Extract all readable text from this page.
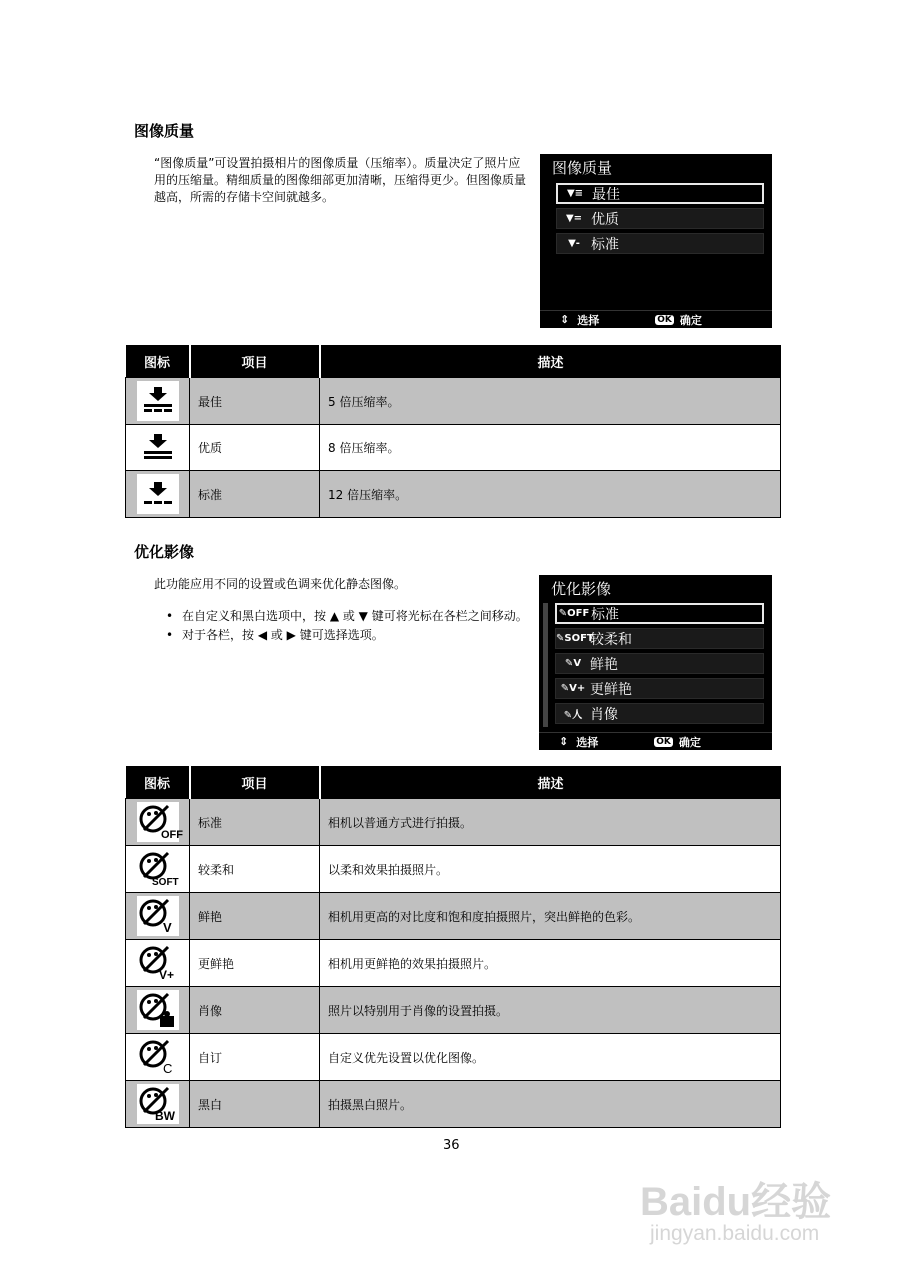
图像质量
“图像质量”可设置拍摄相片的图像质量（压缩率）。质量决定了照片应用的压缩量。精细质量的图像细部更加清晰，压缩得更少。但图像质量越高，所需的存储卡空间就越多。
图像质量
▼≡ 最佳
▼= 优质
▼- 标准
⇕ 选择	OK 确定
图标	项目	描述

	最佳	5 倍压缩率。

	优质	8 倍压缩率。

	标准	12 倍压缩率。
优化影像
此功能应用不同的设置或色调来优化静态图像。
• 在自定义和黑白选项中，按 ▲ 或 ▼ 键可将光标在各栏之间移动。
• 对于各栏，按 ◀ 或 ▶ 键可选择选项。
优化影像
✎OFF 标准
✎SOFT
较柔和
✎V 鲜艳
✎V+ 更鲜艳
✎人 肖像
⇕ 选择	OK 确定
图标	项目	描述

OFF	标准	相机以普通方式进行拍摄。

SOFT	较柔和	以柔和效果拍摄照片。

V	鲜艳	相机用更高的对比度和饱和度拍摄照片，突出鲜艳的色彩。

V+	更鲜艳	相机用更鲜艳的效果拍摄照片。

	肖像	照片以特别用于肖像的设置拍摄。

C	自订	自定义优先设置以优化图像。

BW	黑白	拍摄黑白照片。
36
Baidu经验
jingyan.baidu.com
